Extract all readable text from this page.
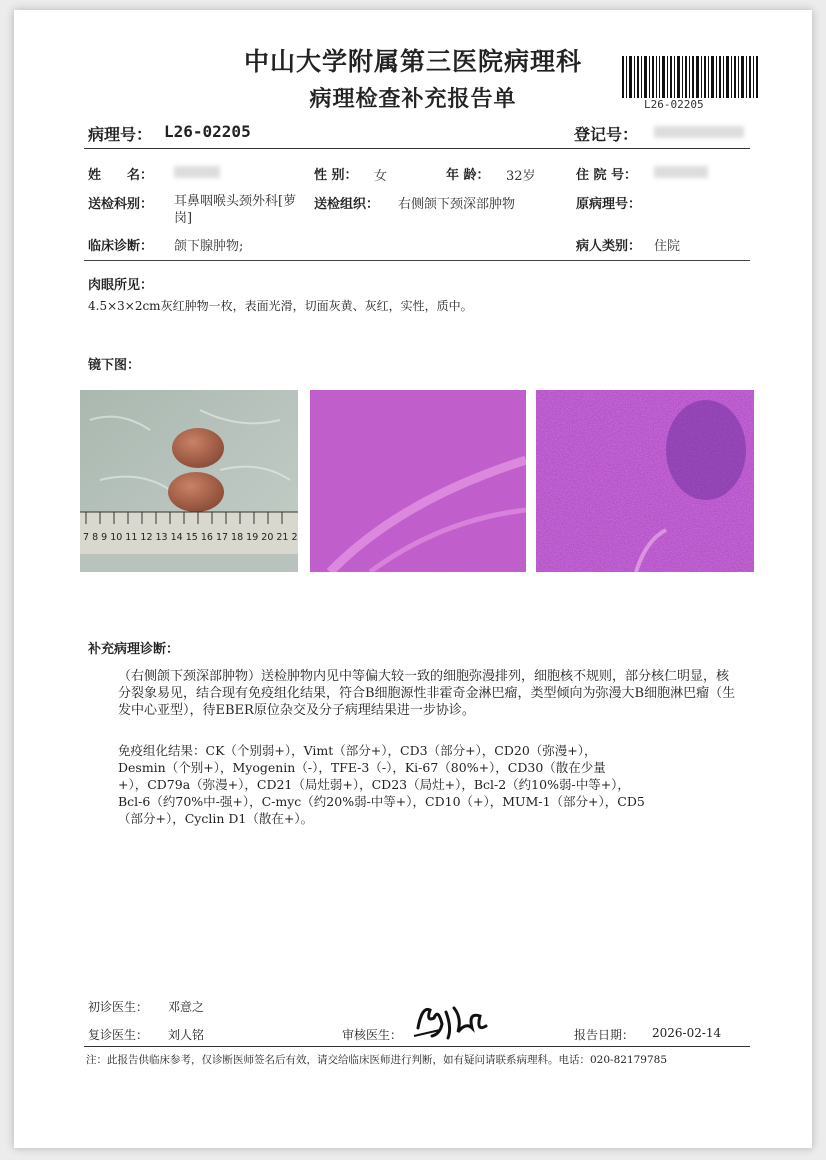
中山大学附属第三医院病理科
病理检查补充报告单	L26-02205
病理号： L26-02205	登记号：
姓　　名：	性 别： 女	年 龄： 32岁	住 院 号：
送检科别： 耳鼻咽喉头颈外科[萝岗]
送检组织： 右侧颌下颈深部肿物	原病理号：
临床诊断： 颌下腺肿物;	病人类别： 住院
肉眼所见：
4.5×3×2cm灰红肿物一枚，表面光滑，切面灰黄、灰红，实性，质中。
镜下图：
7 8 9 10 11 12 13 14 15 16 17 18 19 20 21 2
补充病理诊断：
（右侧颌下颈深部肿物）送检肿物内见中等偏大较一致的细胞弥漫排列，细胞核不规则，部分核仁明显，核分裂象易见，结合现有免疫组化结果，符合B细胞源性非霍奇金淋巴瘤，类型倾向为弥漫大B细胞淋巴瘤（生发中心亚型），待EBER原位杂交及分子病理结果进一步协诊。
免疫组化结果：CK（个别弱+），Vimt（部分+），CD3（部分+），CD20（弥漫+），
Desmin（个别+），Myogenin（-），TFE-3（-），Ki-67（80%+），CD30（散在少量
+），CD79a（弥漫+），CD21（局灶弱+），CD23（局灶+），Bcl-2（约10%弱-中等+），
Bcl-6（约70%中-强+），C-myc（约20%弱-中等+），CD10（+），MUM-1（部分+），CD5
（部分+），Cyclin D1（散在+）。
初诊医生： 邓意之
复诊医生： 刘人铭	审核医生：	报告日期： 2026-02-14
注：此报告供临床参考，仅诊断医师签名后有效，请交给临床医师进行判断，如有疑问请联系病理科。电话：020-82179785
